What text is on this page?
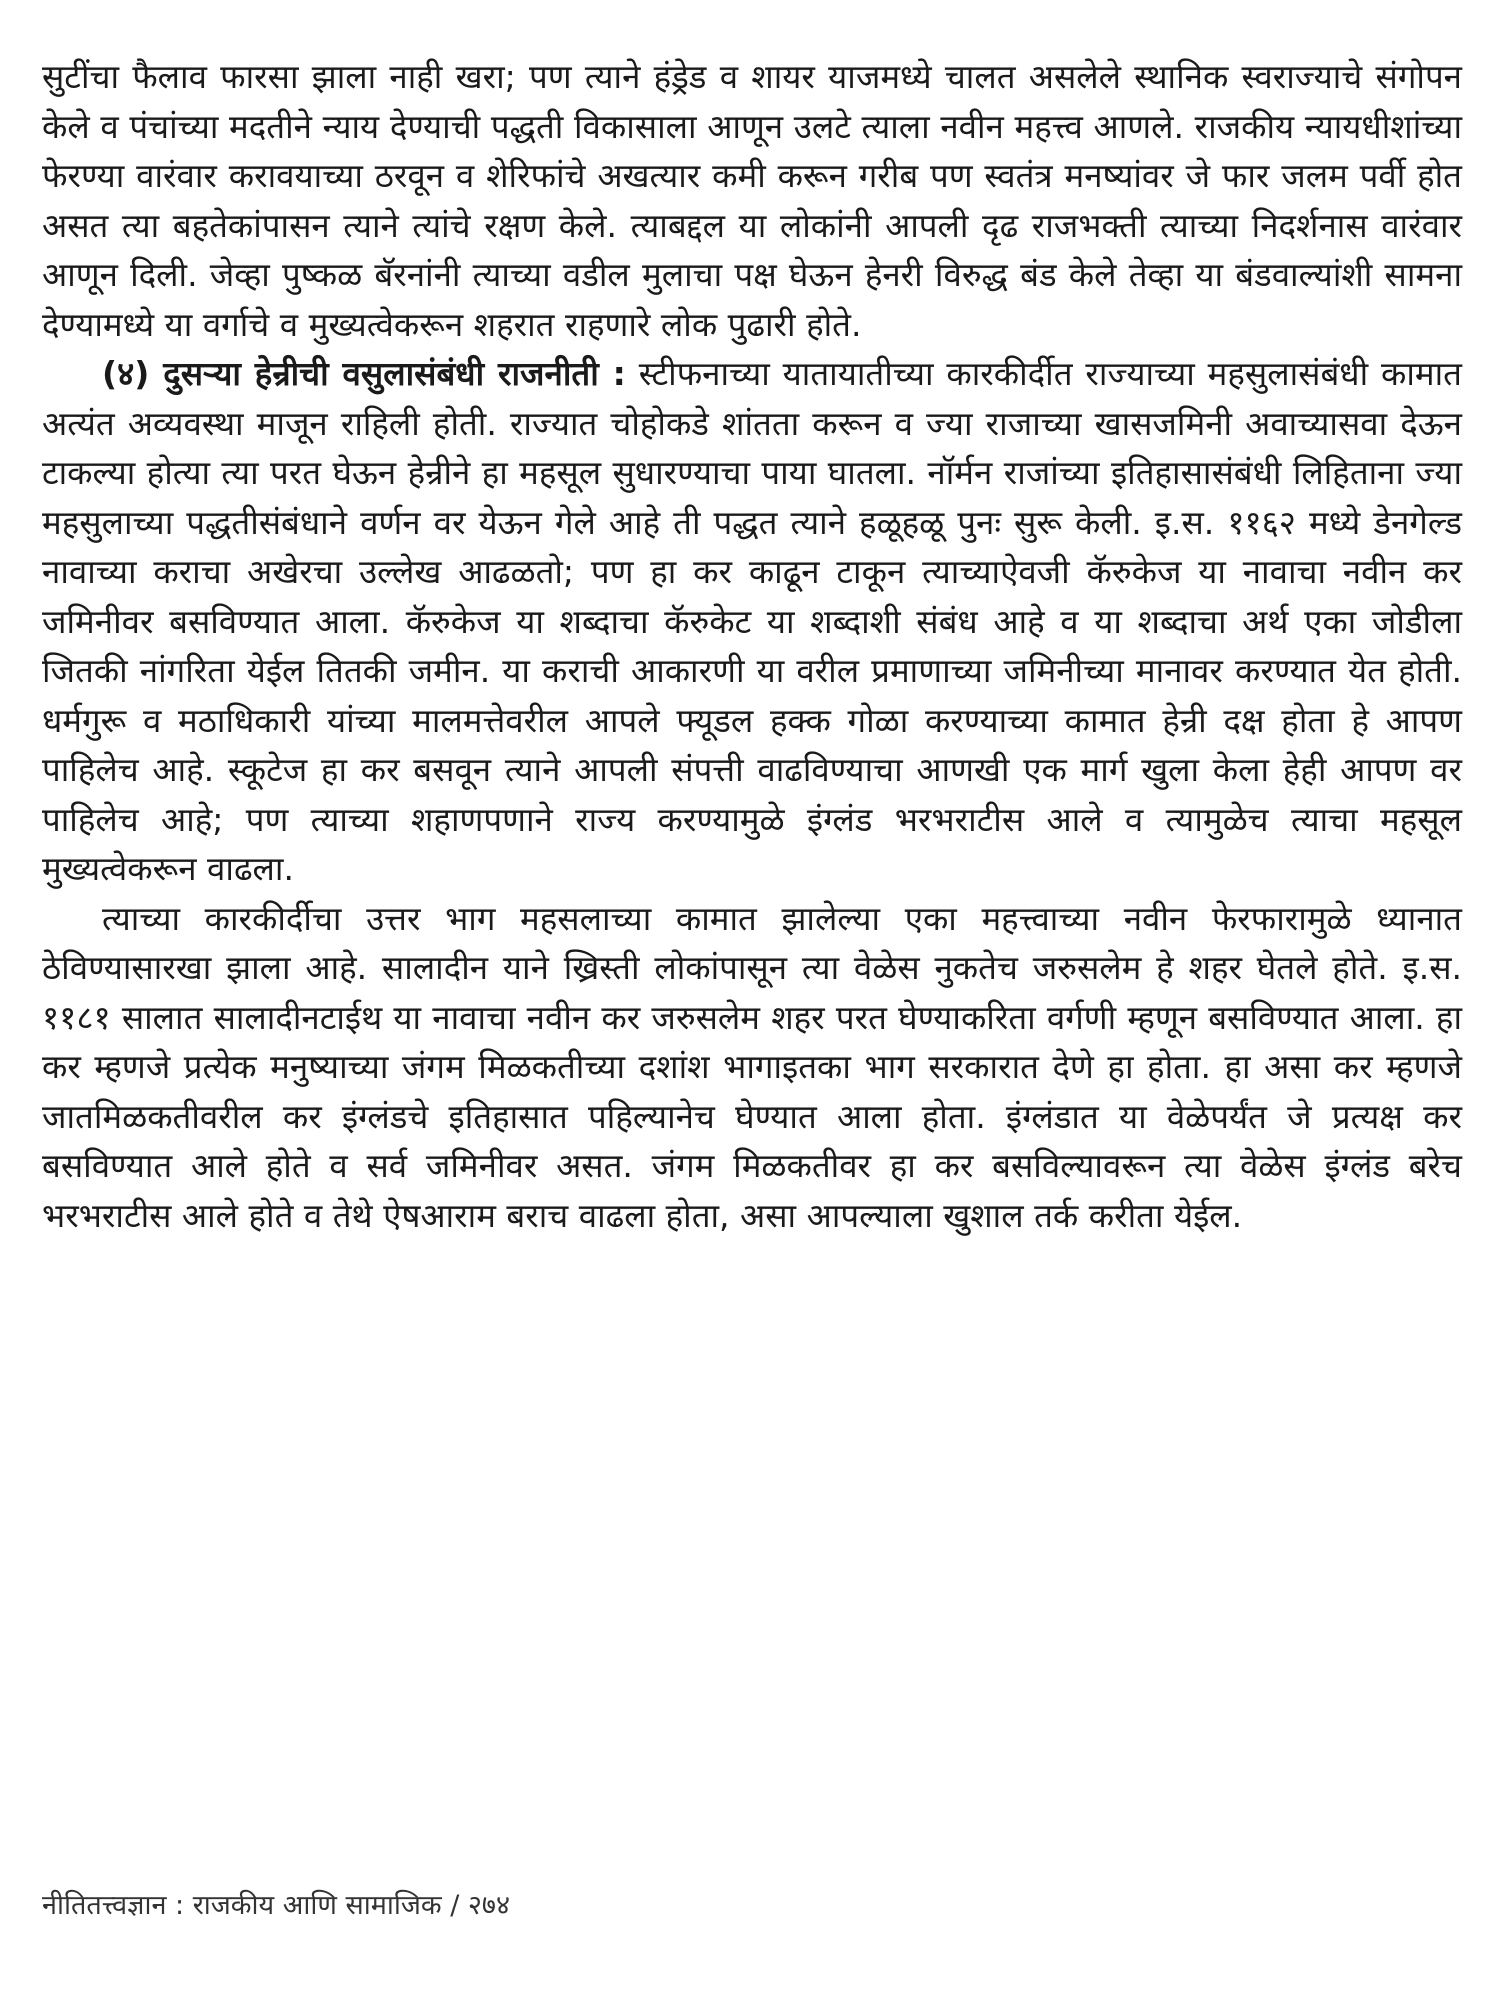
सुटींचा फैलाव फारसा झाला नाही खरा; पण त्याने हंड्रेड व शायर याजमध्ये चालत असलेले स्थानिक स्वराज्याचे संगोपन केले व पंचांच्या मदतीने न्याय देण्याची पद्धती विकासाला आणून उलटे त्याला नवीन महत्त्व आणले. राजकीय न्यायधीशांच्या फेरण्या वारंवार करावयाच्या ठरवून व शेरिफांचे अखत्यार कमी करून गरीब पण स्वतंत्र मनष्यांवर जे फार जलम पर्वी होत असत त्या बहतेकांपासन त्याने त्यांचे रक्षण केले. त्याबद्दल या लोकांनी आपली दृढ राजभक्ती त्याच्या निदर्शनास वारंवार आणून दिली. जेव्हा पुष्कळ बॅरनांनी त्याच्या वडील मुलाचा पक्ष घेऊन हेनरी विरुद्ध बंड केले तेव्हा या बंडवाल्यांशी सामना देण्यामध्ये या वर्गाचे व मुख्यत्वेकरून शहरात राहणारे लोक पुढारी होते.

(४) दुसऱ्या हेन्रीची वसुलासंबंधी राजनीती : स्टीफनाच्या यातायातीच्या कारकीर्दीत राज्याच्या महसुलासंबंधी कामात अत्यंत अव्यवस्था माजून राहिली होती. राज्यात चोहोकडे शांतता करून व ज्या राजाच्या खासजमिनी अवाच्यासवा देऊन टाकल्या होत्या त्या परत घेऊन हेन्रीने हा महसूल सुधारण्याचा पाया घातला. नॉर्मन राजांच्या इतिहासासंबंधी लिहिताना ज्या महसुलाच्या पद्धतीसंबंधाने वर्णन वर येऊन गेले आहे ती पद्धत त्याने हळूहळू पुनः सुरू केली. इ.स. ११६२ मध्ये डेनगेल्ड नावाच्या कराचा अखेरचा उल्लेख आढळतो; पण हा कर काढून टाकून त्याच्याऐवजी कॅरुकेज या नावाचा नवीन कर जमिनीवर बसविण्यात आला. कॅरुकेज या शब्दाचा कॅरुकेट या शब्दाशी संबंध आहे व या शब्दाचा अर्थ एका जोडीला जितकी नांगरिता येईल तितकी जमीन. या कराची आकारणी या वरील प्रमाणाच्या जमिनीच्या मानावर करण्यात येत होती. धर्मगुरू व मठाधिकारी यांच्या मालमत्तेवरील आपले फ्यूडल हक्क गोळा करण्याच्या कामात हेन्री दक्ष होता हे आपण पाहिलेच आहे. स्कूटेज हा कर बसवून त्याने आपली संपत्ती वाढविण्याचा आणखी एक मार्ग खुला केला हेही आपण वर पाहिलेच आहे; पण त्याच्या शहाणपणाने राज्य करण्यामुळे इंग्लंड भरभराटीस आले व त्यामुळेच त्याचा महसूल मुख्यत्वेकरून वाढला.

त्याच्या कारकीर्दीचा उत्तर भाग महसलाच्या कामात झालेल्या एका महत्त्वाच्या नवीन फेरफारामुळे ध्यानात ठेविण्यासारखा झाला आहे. सालादीन याने ख्रिस्ती लोकांपासून त्या वेळेस नुकतेच जरुसलेम हे शहर घेतले होते. इ.स. ११८१ सालात सालादीनटाईथ या नावाचा नवीन कर जरुसलेम शहर परत घेण्याकरिता वर्गणी म्हणून बसविण्यात आला. हा कर म्हणजे प्रत्येक मनुष्याच्या जंगम मिळकतीच्या दशांश भागाइतका भाग सरकारात देणे हा होता. हा असा कर म्हणजे जातमिळकतीवरील कर इंग्लंडचे इतिहासात पहिल्यानेच घेण्यात आला होता. इंग्लंडात या वेळेपर्यंत जे प्रत्यक्ष कर बसविण्यात आले होते व सर्व जमिनीवर असत. जंगम मिळकतीवर हा कर बसविल्यावरून त्या वेळेस इंग्लंड बरेच भरभराटीस आले होते व तेथे ऐषआराम बराच वाढला होता, असा आपल्याला खुशाल तर्क करीता येईल.

नीतितत्त्वज्ञान : राजकीय आणि सामाजिक / २७४
